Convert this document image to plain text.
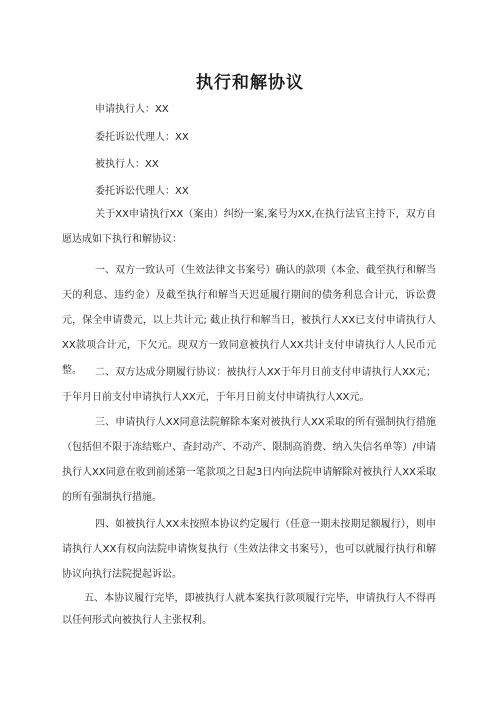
执行和解协议
申请执行人：XX
委托诉讼代理人：XX
被执行人：XX
委托诉讼代理人：XX

关于XX申请执行XX（案由）纠纷一案,案号为XX,在执行法官主持下，双方自愿达成如下执行和解协议：

一、双方一致认可（生效法律文书案号）确认的款项（本金、截至执行和解当天的利息、违约金）及截至执行和解当天迟延履行期间的债务利息合计元，诉讼费元，保全申请费元，以上共计元; 截止执行和解当日，被执行人XX已支付申请执行人XX款项合计元，下欠元。现双方一致同意被执行人XX共计支付申请执行人人民币元整。	二、双方达成分期履行协议：被执行人XX于年月日前支付申请执行人XX元；于年月日前支付申请执行人XX元，于年月日前支付申请执行人XX元。

三、申请执行人XX同意法院解除本案对被执行人XX采取的所有强制执行措施（包括但不限于冻结账户、查封动产、不动产、限制高消费、纳入失信名单等）/申请执行人XX同意在收到前述第一笔款项之日起3日内向法院申请解除对被执行人XX采取的所有强制执行措施。

四、如被执行人XX未按照本协议约定履行（任意一期未按期足额履行），则申请执行人XX有权向法院申请恢复执行（生效法律文书案号），也可以就履行执行和解协议向执行法院提起诉讼。

五、本协议履行完毕，即被执行人就本案执行款项履行完毕，申请执行人不得再以任何形式向被执行人主张权利。
